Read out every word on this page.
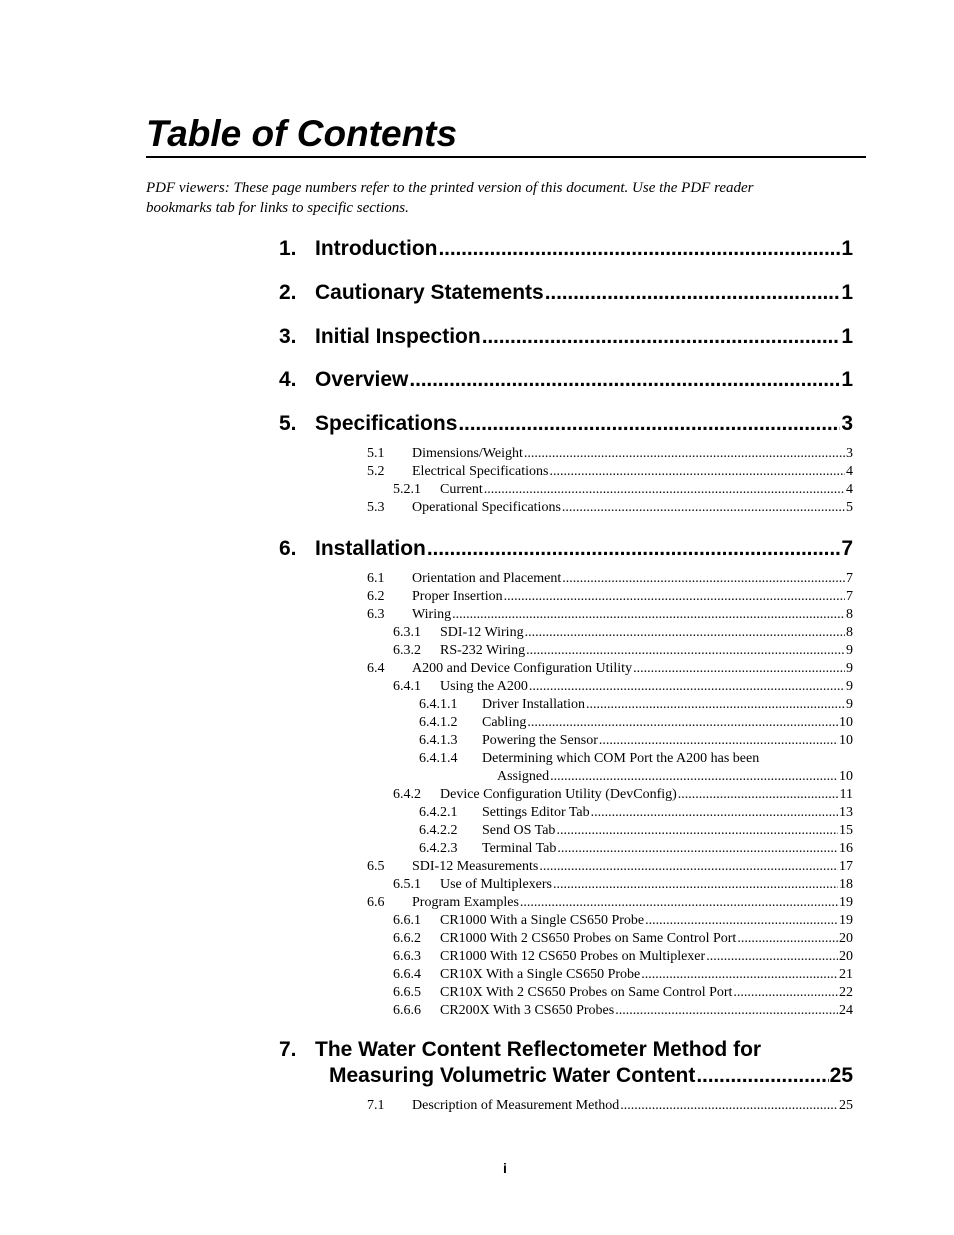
Table of Contents
PDF viewers: These page numbers refer to the printed version of this document. Use the PDF reader bookmarks tab for links to specific sections.
1. Introduction . . .	1
2. Cautionary Statements . . .	1
3. Initial Inspection . . .	1
4. Overview . . .	1
5. Specifications . . .	3
5.1	Dimensions/Weight .....	3
5.2	Electrical Specifications .....	4
5.2.1	Current .....	4
5.3	Operational Specifications .....	5
6. Installation . . .	7
6.1	Orientation and Placement .....	7
6.2	Proper Insertion .....	7
6.3	Wiring .....	8
6.3.1	SDI-12 Wiring .....	8
6.3.2	RS-232 Wiring .....	9
6.4	A200 and Device Configuration Utility .....	9
6.4.1	Using the A200 .....	9
6.4.1.1	Driver Installation .....	9
6.4.1.2	Cabling .....	10
6.4.1.3	Powering the Sensor .....	10
6.4.1.4	Determining which COM Port the A200 has been
Assigned .....	10
6.4.2	Device Configuration Utility (DevConfig) .....	11
6.4.2.1	Settings Editor Tab .....	13
6.4.2.2	Send OS Tab .....	15
6.4.2.3	Terminal Tab .....	16
6.5	SDI-12 Measurements .....	17
6.5.1	Use of Multiplexers .....	18
6.6	Program Examples .....	19
6.6.1	CR1000 With a Single CS650 Probe .....	19
6.6.2	CR1000 With 2 CS650 Probes on Same Control Port .....	20
6.6.3	CR1000 With 12 CS650 Probes on Multiplexer .....	20
6.6.4	CR10X With a Single CS650 Probe .....	21
6.6.5	CR10X With 2 CS650 Probes on Same Control Port .....	22
6.6.6	CR200X With 3 CS650 Probes .....	24
7. The Water Content Reflectometer Method for
Measuring Volumetric Water Content . . .	25
7.1	Description of Measurement Method .....	25
i
